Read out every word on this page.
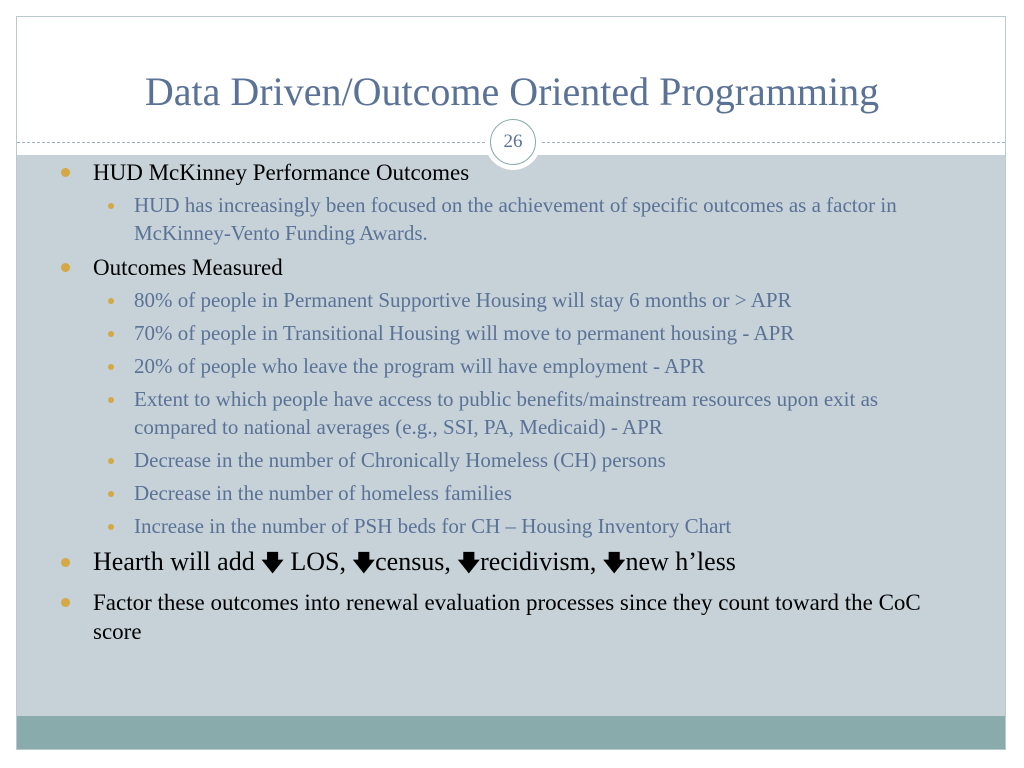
Data Driven/Outcome Oriented Programming
26
HUD McKinney Performance Outcomes
HUD has increasingly been focused on the achievement of specific outcomes as a factor in McKinney-Vento Funding Awards.
Outcomes Measured
80% of people in Permanent Supportive Housing will stay 6 months or > APR
70% of people in Transitional Housing will move to permanent housing - APR
20% of people who leave the program will have employment - APR
Extent to which people have access to public benefits/mainstream resources upon exit as compared to national averages (e.g., SSI, PA, Medicaid) - APR
Decrease in the number of Chronically Homeless (CH) persons
Decrease in the number of homeless families
Increase in the number of PSH beds for CH – Housing Inventory Chart
Hearth will add 🡇 LOS, 🡇census, 🡇recidivism, 🡇new h’less
Factor these outcomes into renewal evaluation processes since they count toward the CoC score
